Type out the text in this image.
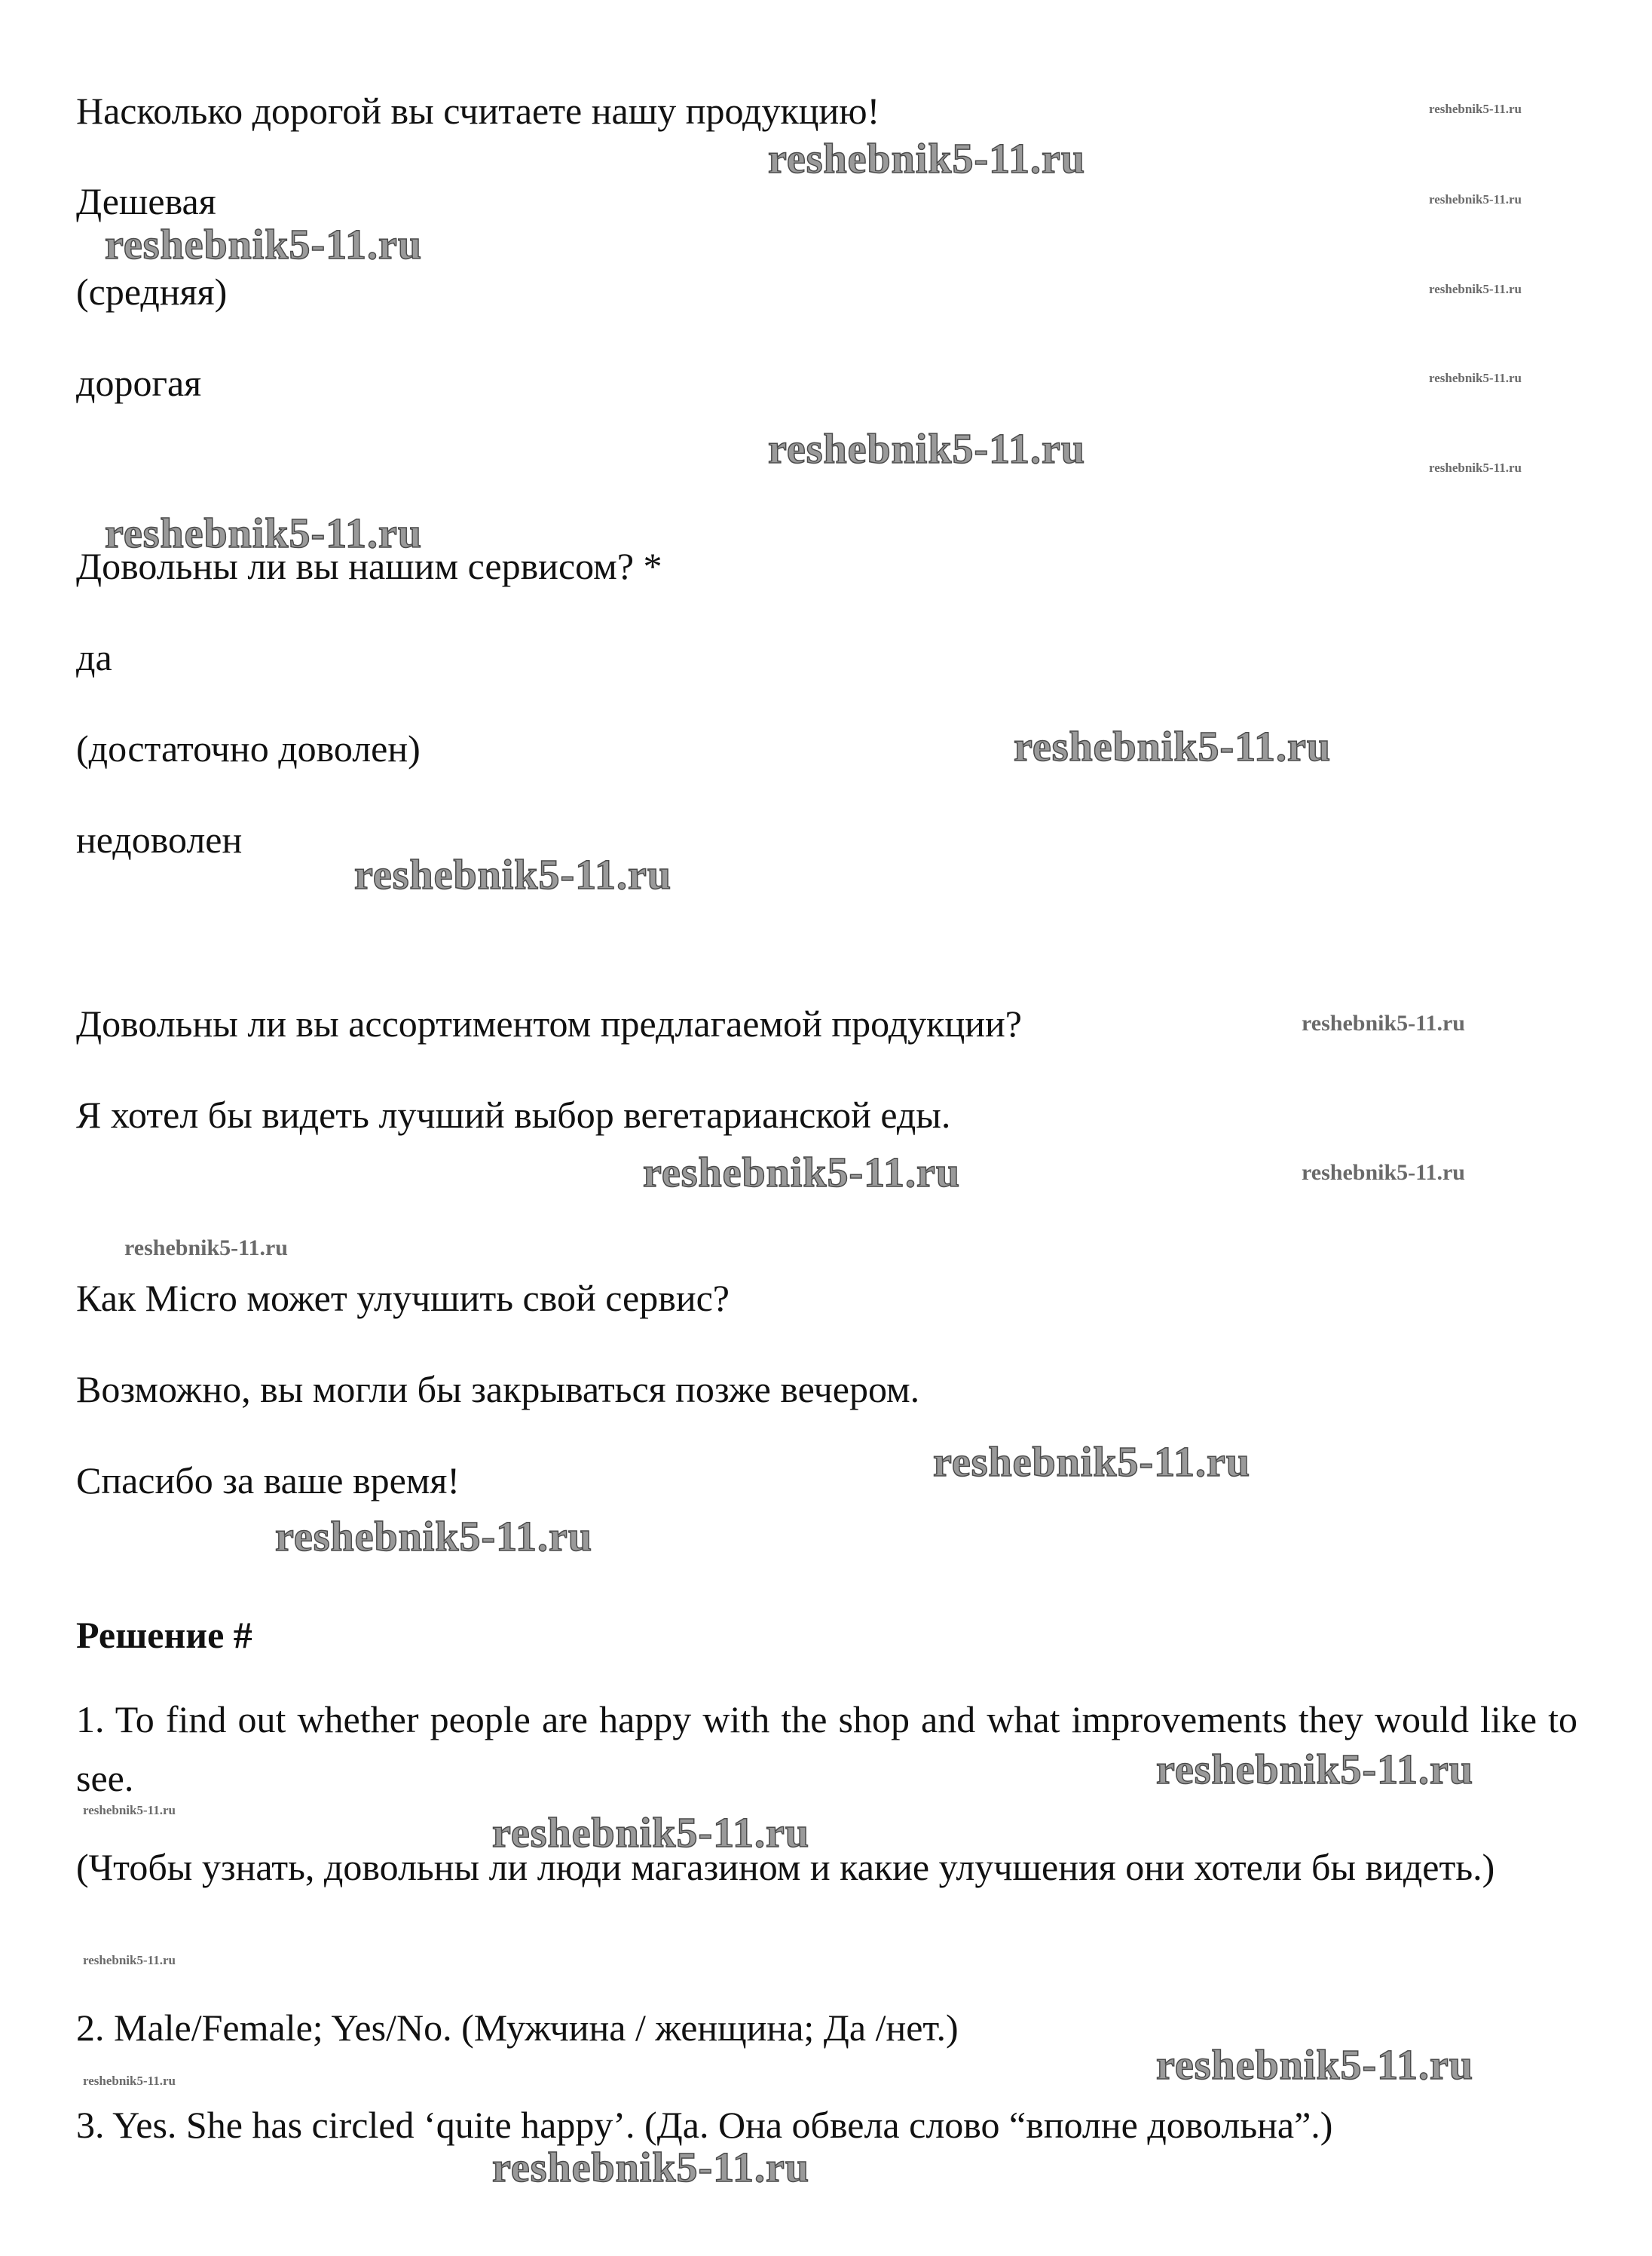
Насколько дорогой вы считаете нашу продукцию!
Дешевая
(средняя)
дорогая
Довольны ли вы нашим сервисом? *
да
(достаточно доволен)
недоволен
Довольны ли вы ассортиментом предлагаемой продукции?
Я хотел бы видеть лучший выбор вегетарианской еды.
Как Micro может улучшить свой сервис?
Возможно, вы могли бы закрываться позже вечером.
Спасибо за ваше время!
Решение #
1. To find out whether people are happy with the shop and what improvements they would like to see.
(Чтобы узнать, довольны ли люди магазином и какие улучшения они хотели бы видеть.)
2. Male/Female; Yes/No. (Мужчина / женщина; Да /нет.)
3. Yes. She has circled ‘quite happy’. (Да. Она обвела слово “вполне довольна”.)
reshebnik5-11.ru
reshebnik5-11.ru
reshebnik5-11.ru
reshebnik5-11.ru
reshebnik5-11.ru
reshebnik5-11.ru
reshebnik5-11.ru
reshebnik5-11.ru
reshebnik5-11.ru
reshebnik5-11.ru
reshebnik5-11.ru
reshebnik5-11.ru
reshebnik5-11.ru
reshebnik5-11.ru
reshebnik5-11.ru
reshebnik5-11.ru
reshebnik5-11.ru
reshebnik5-11.ru
reshebnik5-11.ru
reshebnik5-11.ru
reshebnik5-11.ru
reshebnik5-11.ru
reshebnik5-11.ru
reshebnik5-11.ru
